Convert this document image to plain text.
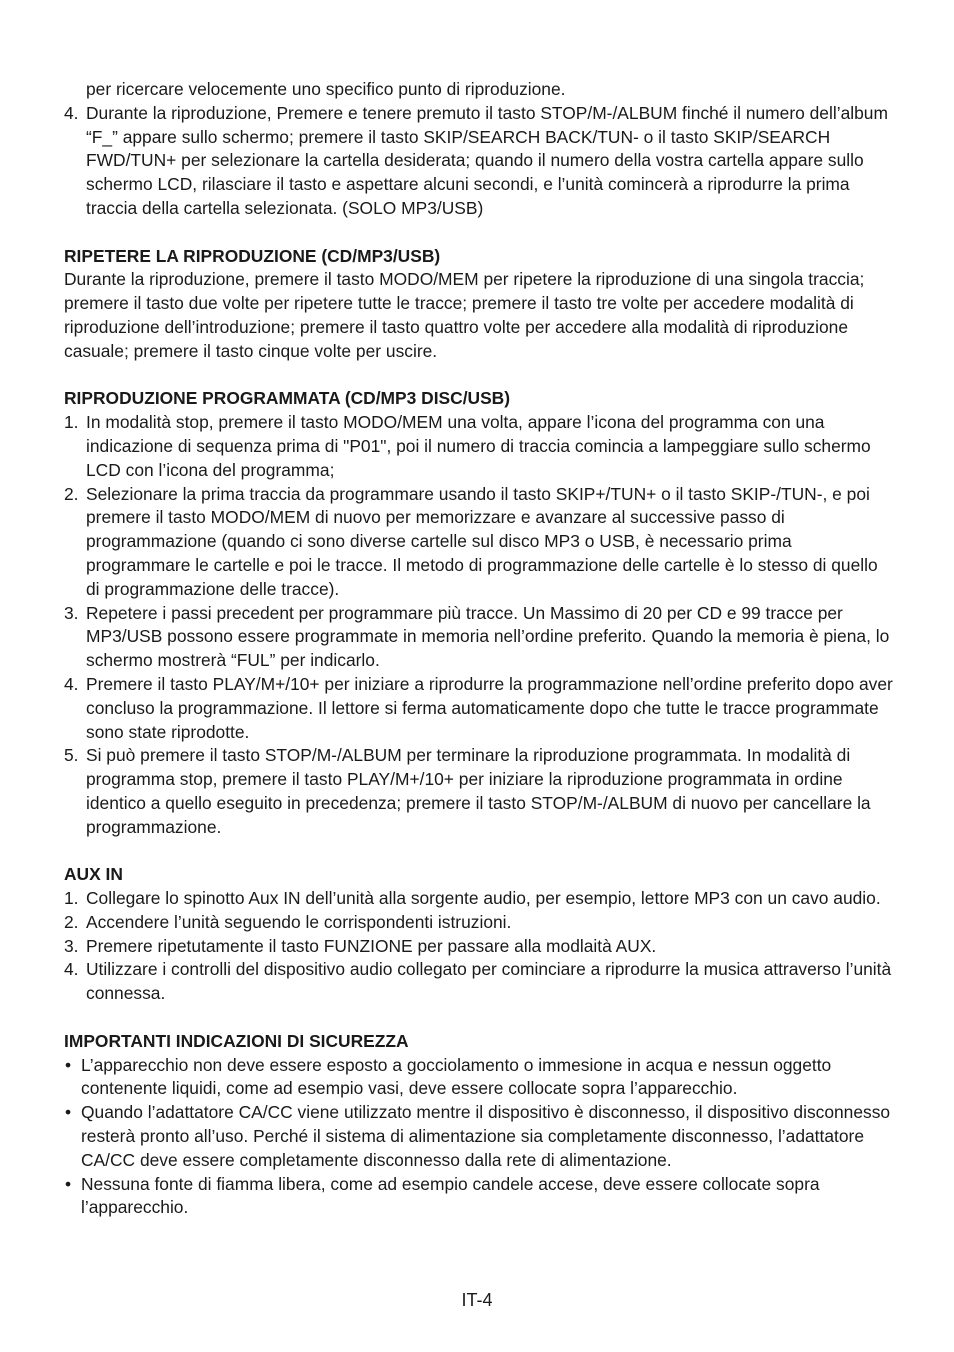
per ricercare velocemente uno specifico punto di riproduzione.

4. Durante la riproduzione, Premere e tenere premuto il tasto STOP/M-/ALBUM finché il numero dell’album “F_” appare sullo schermo; premere il tasto SKIP/SEARCH BACK/TUN- o il tasto SKIP/SEARCH FWD/TUN+ per selezionare la cartella desiderata; quando il numero della vostra cartella appare sullo schermo LCD, rilasciare il tasto e aspettare alcuni secondi, e l’unità comincerà a riprodurre la prima traccia della cartella selezionata. (SOLO MP3/USB)

RIPETERE LA RIPRODUZIONE (CD/MP3/USB)

Durante la riproduzione, premere il tasto MODO/MEM per ripetere la riproduzione di una singola traccia; premere il tasto due volte per ripetere tutte le tracce; premere il tasto tre volte per accedere modalità di riproduzione dell’introduzione; premere il tasto quattro volte per accedere alla modalità di riproduzione casuale; premere il tasto cinque volte per uscire.

RIPRODUZIONE PROGRAMMATA (CD/MP3 DISC/USB)

1. In modalità stop, premere il tasto MODO/MEM una volta, appare l’icona del programma con una indicazione di sequenza prima di "P01", poi il numero di traccia comincia a lampeggiare sullo schermo LCD con l’icona del programma;
2. Selezionare la prima traccia da programmare usando il tasto SKIP+/TUN+ o il tasto SKIP-/TUN-, e poi premere il tasto MODO/MEM di nuovo per memorizzare e avanzare al successive passo di programmazione (quando ci sono diverse cartelle sul disco MP3 o USB, è necessario prima programmare le cartelle e poi le tracce. Il metodo di programmazione delle cartelle è lo stesso di quello di programmazione delle tracce).
3. Repetere i passi precedent per programmare più tracce. Un Massimo di 20 per CD e 99 tracce per MP3/USB possono essere programmate in memoria nell’ordine preferito. Quando la memoria è piena, lo schermo mostrerà “FUL” per indicarlo.
4. Premere il tasto PLAY/M+/10+ per iniziare a riprodurre la programmazione nell’ordine preferito dopo aver concluso la programmazione. Il lettore si ferma automaticamente dopo che tutte le tracce programmate sono state riprodotte.
5. Si può premere il tasto STOP/M-/ALBUM per terminare la riproduzione programmata. In modalità di programma stop, premere il tasto PLAY/M+/10+ per iniziare la riproduzione programmata in ordine identico a quello eseguito in precedenza; premere il tasto STOP/M-/ALBUM di nuovo per cancellare la programmazione.

AUX IN

1. Collegare lo spinotto Aux IN dell’unità alla sorgente audio, per esempio, lettore MP3 con un cavo audio.
2. Accendere l’unità seguendo le corrispondenti istruzioni.
3. Premere ripetutamente il tasto FUNZIONE per passare alla modlaità AUX.
4. Utilizzare i controlli del dispositivo audio collegato per cominciare a riprodurre la musica attraverso l’unità connessa.

IMPORTANTI INDICAZIONI DI SICUREZZA

• L’apparecchio non deve essere esposto a gocciolamento o immesione in acqua e nessun oggetto contenente liquidi, come ad esempio vasi, deve essere collocate sopra l’apparecchio.
• Quando l’adattatore CA/CC viene utilizzato mentre il dispositivo è disconnesso, il dispositivo disconnesso resterà pronto all’uso. Perché il sistema di alimentazione sia completamente disconnesso, l’adattatore CA/CC deve essere completamente disconnesso dalla rete di alimentazione.
• Nessuna fonte di fiamma libera, come ad esempio candele accese, deve essere collocate sopra l’apparecchio.
IT-4
